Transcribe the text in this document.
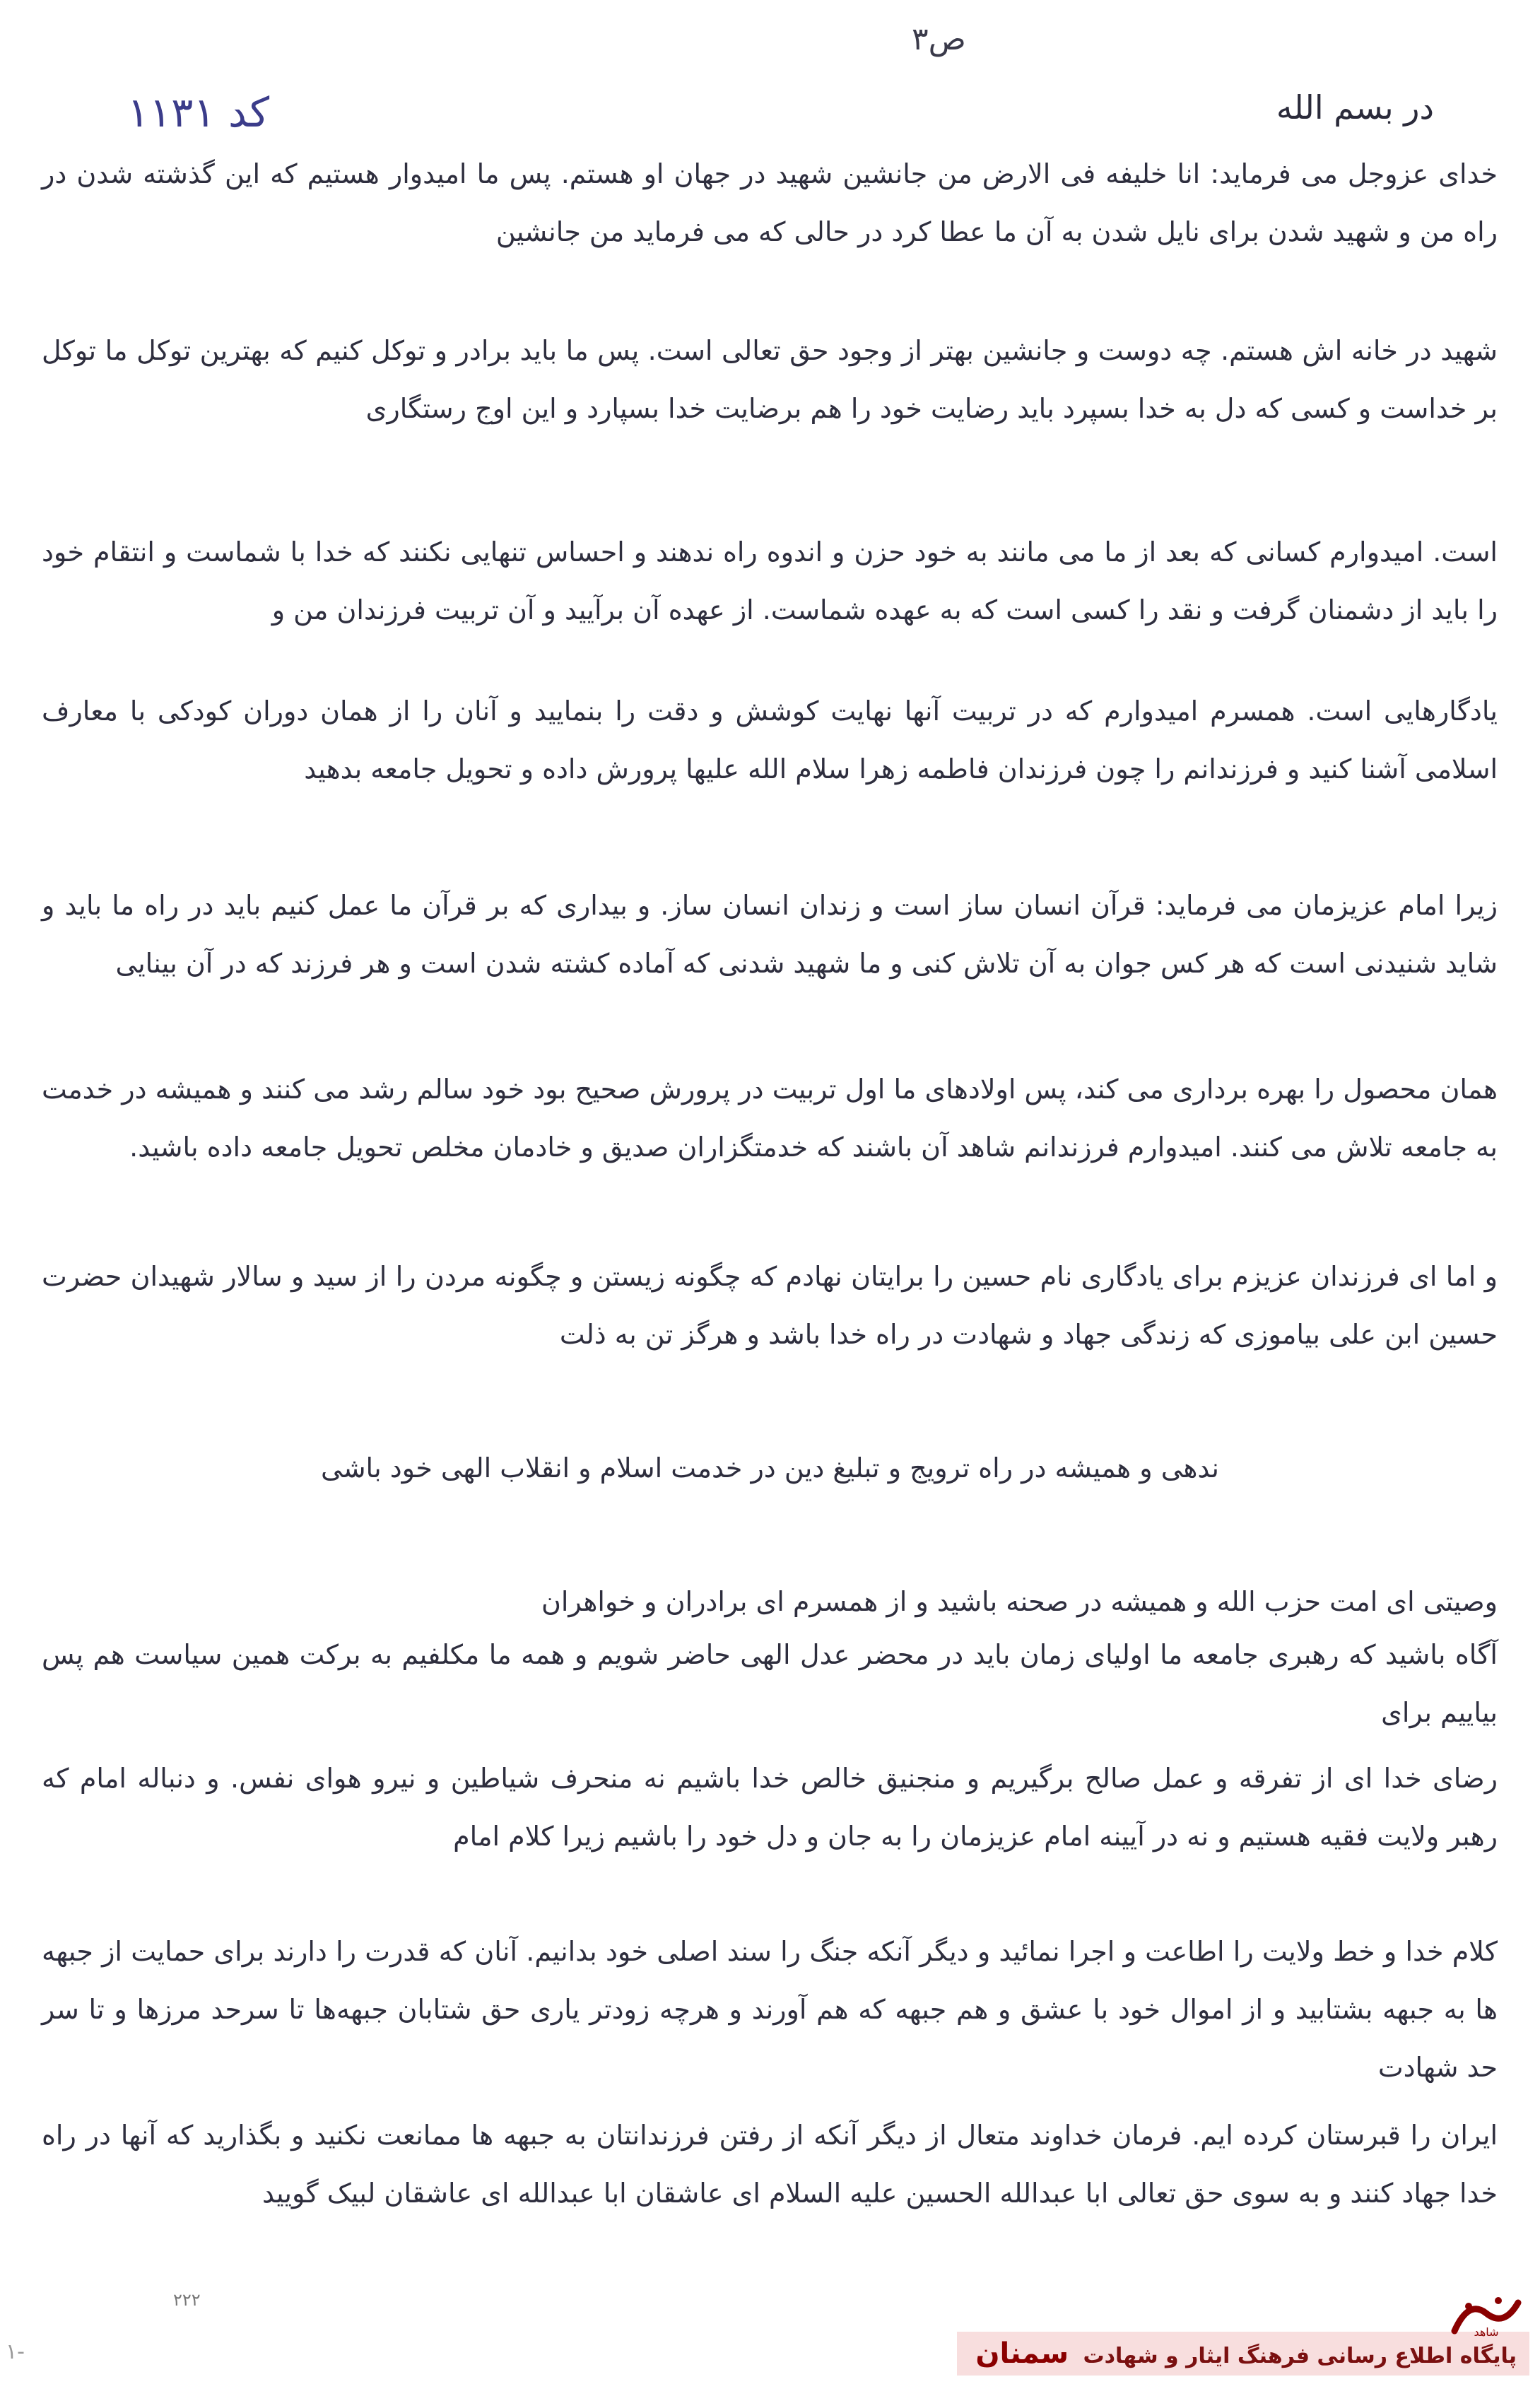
ص۳
۱۱۳۱ کد	در بسم الله
خدای عزوجل می فرماید: انا خلیفه فی الارض من جانشین شهید در جهان او هستم. پس ما امیدوار هستیم که این گذشته شدن در راه من و شهید شدن برای نایل شدن به آن ما عطا کرد در حالی که می فرماید من جانشین
شهید در خانه اش هستم. چه دوست و جانشین بهتر از وجود حق تعالی است. پس ما باید برادر و توکل کنیم که بهترین توکل ما توکل بر خداست و کسی که دل به خدا بسپرد باید رضایت خود را هم برضایت خدا بسپارد و این اوج رستگاری
است. امیدوارم کسانی که بعد از ما می مانند به خود حزن و اندوه راه ندهند و احساس تنهایی نکنند که خدا با شماست و انتقام خود را باید از دشمنان گرفت و نقد را کسی است که به عهده شماست. از عهده آن برآیید و آن تربیت فرزندان من و
یادگارهایی است. همسرم امیدوارم که در تربیت آنها نهایت کوشش و دقت را بنمایید و آنان را از همان دوران کودکی با معارف اسلامی آشنا کنید و فرزندانم را چون فرزندان فاطمه زهرا سلام الله علیها پرورش داده و تحویل جامعه بدهید
زیرا امام عزیزمان می فرماید: قرآن انسان ساز است و زندان انسان ساز. و بیداری که بر قرآن ما عمل کنیم باید در راه ما باید و شاید شنیدنی است که هر کس جوان به آن تلاش کنی و ما شهید شدنی که آماده کشته شدن است و هر فرزند که در آن بینایی
همان محصول را بهره برداری می کند، پس اولادهای ما اول تربیت در پرورش صحیح بود خود سالم رشد می کنند و همیشه در خدمت به جامعه تلاش می کنند. امیدوارم فرزندانم شاهد آن باشند که خدمتگزاران صدیق و خادمان مخلص تحویل جامعه داده باشید.
و اما ای فرزندان عزیزم برای یادگاری نام حسین را برایتان نهادم که چگونه زیستن و چگونه مردن را از سید و سالار شهیدان حضرت حسین ابن علی بیاموزی که زندگی جهاد و شهادت در راه خدا باشد و هرگز تن به ذلت
ندهی و همیشه در راه ترویج و تبلیغ دین در خدمت اسلام و انقلاب الهی خود باشی
وصیتی ای امت حزب الله و همیشه در صحنه باشید و از همسرم ای برادران و خواهران
آگاه باشید که رهبری جامعه ما اولیای زمان باید در محضر عدل الهی حاضر شویم و همه ما مکلفیم به برکت همین سیاست هم پس بیاییم برای
رضای خدا ای از تفرقه و عمل صالح برگیریم و منجنیق خالص خدا باشیم نه منحرف شیاطین و نیرو هوای نفس. و دنباله امام که رهبر ولایت فقیه هستیم و نه در آیینه امام عزیزمان را به جان و دل خود را باشیم زیرا کلام امام
کلام خدا و خط ولایت را اطاعت و اجرا نمائید و دیگر آنکه جنگ را سند اصلی خود بدانیم. آنان که قدرت را دارند برای حمایت از جبهه ها به جبهه بشتابید و از اموال خود با عشق و هم جبهه که هم آورند و هرچه زودتر یاری حق شتابان جبهه‌ها تا سرحد مرزها و تا سر حد شهادت
ایران را قبرستان کرده ایم. فرمان خداوند متعال از دیگر آنکه از رفتن فرزندانتان به جبهه ها ممانعت نکنید و بگذارید که آنها در راه خدا جهاد کنند و به سوی حق تعالی ابا عبدالله الحسین علیه السلام ای عاشقان ابا عبدالله ای عاشقان لبیک گویید
۲۲۲
۱-
شاهد
پایگاه اطلاع رسانی فرهنگ ایثار و شهادت سمنان
